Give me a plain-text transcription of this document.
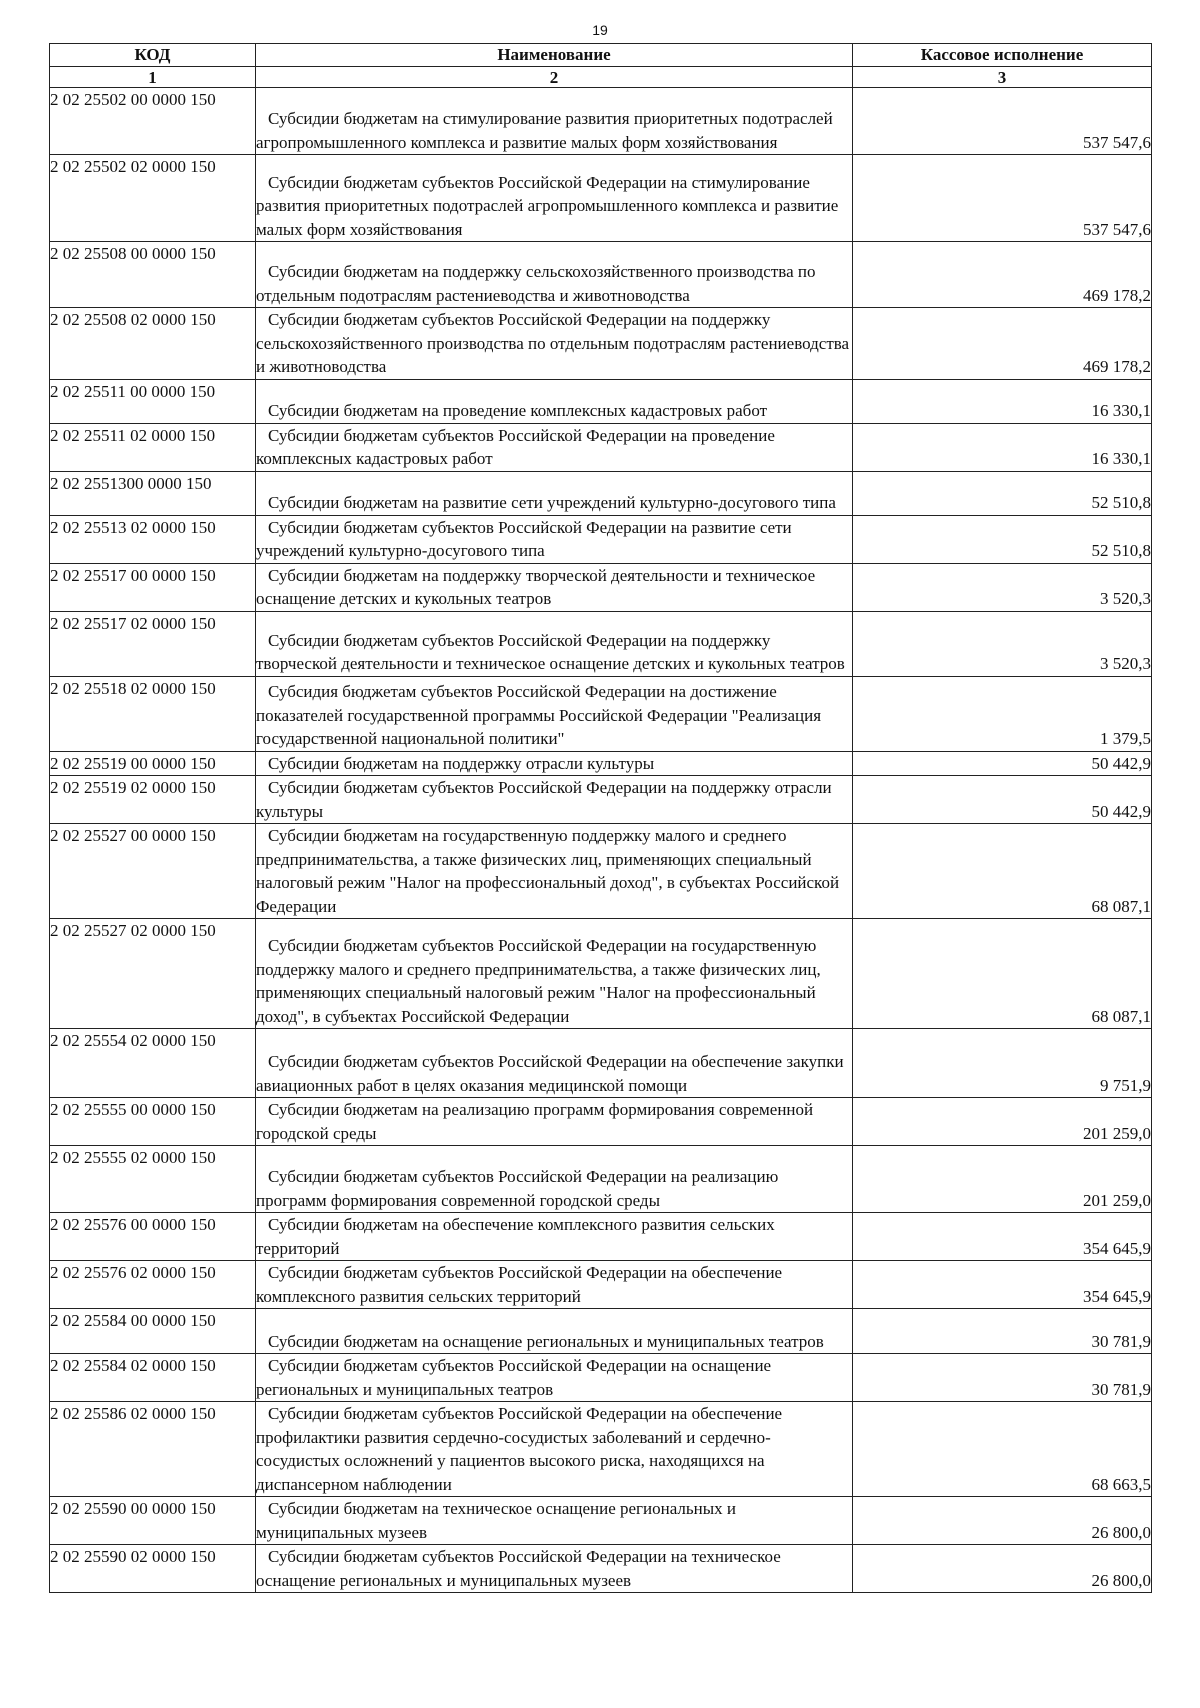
19
КОД	Наименование	Кассовое исполнение
1	2	3
2 02 25502 00 0000 150	Субсидии бюджетам на стимулирование развития приоритетных подотраслей агропромышленного комплекса и развитие малых форм хозяйствования	537 547,6
2 02 25502 02 0000 150	Субсидии бюджетам субъектов Российской Федерации на стимулирование развития приоритетных подотраслей агропромышленного комплекса и развитие малых форм хозяйствования	537 547,6
2 02 25508 00 0000 150	Субсидии бюджетам на поддержку сельскохозяйственного производства по отдельным подотраслям растениеводства и животноводства	469 178,2
2 02 25508 02 0000 150	Субсидии бюджетам субъектов Российской Федерации на поддержку сельскохозяйственного производства по отдельным подотраслям растениеводства и животноводства	469 178,2
2 02 25511 00 0000 150	Субсидии бюджетам на проведение комплексных кадастровых работ	16 330,1
2 02 25511 02 0000 150	Субсидии бюджетам субъектов Российской Федерации на проведение комплексных кадастровых работ	16 330,1
2 02 2551300 0000 150	Субсидии бюджетам на развитие сети учреждений культурно-досугового типа	52 510,8
2 02 25513 02 0000 150	Субсидии бюджетам субъектов Российской Федерации на развитие сети учреждений культурно-досугового типа	52 510,8
2 02 25517 00 0000 150	Субсидии бюджетам на поддержку творческой деятельности и техническое оснащение детских и кукольных театров	3 520,3
2 02 25517 02 0000 150	Субсидии бюджетам субъектов Российской Федерации на поддержку творческой деятельности и техническое оснащение детских и кукольных театров	3 520,3
2 02 25518 02 0000 150	Субсидия бюджетам субъектов Российской Федерации на достижение показателей государственной программы Российской Федерации "Реализация государственной национальной политики"	1 379,5
2 02 25519 00 0000 150	Субсидии бюджетам на поддержку отрасли культуры	50 442,9
2 02 25519 02 0000 150	Субсидии бюджетам субъектов Российской Федерации на поддержку отрасли культуры	50 442,9
2 02 25527 00 0000 150	Субсидии бюджетам на государственную поддержку малого и среднего предпринимательства, а также физических лиц, применяющих специальный налоговый режим "Налог на профессиональный доход", в субъектах Российской Федерации	68 087,1
2 02 25527 02 0000 150	Субсидии бюджетам субъектов Российской Федерации на государственную поддержку малого и среднего предпринимательства, а также физических лиц, применяющих специальный налоговый режим "Налог на профессиональный доход", в субъектах Российской Федерации	68 087,1
2 02 25554 02 0000 150	Субсидии бюджетам субъектов Российской Федерации на обеспечение закупки авиационных работ в целях оказания медицинской помощи	9 751,9
2 02 25555 00 0000 150	Субсидии бюджетам на реализацию программ формирования современной городской среды	201 259,0
2 02 25555 02 0000 150	Субсидии бюджетам субъектов Российской Федерации на реализацию программ формирования современной городской среды	201 259,0
2 02 25576 00 0000 150	Субсидии бюджетам на обеспечение комплексного развития сельских территорий	354 645,9
2 02 25576 02 0000 150	Субсидии бюджетам субъектов Российской Федерации на обеспечение комплексного развития сельских территорий	354 645,9
2 02 25584 00 0000 150	Субсидии бюджетам на оснащение региональных и муниципальных театров	30 781,9
2 02 25584 02 0000 150	Субсидии бюджетам субъектов Российской Федерации на оснащение региональных и муниципальных театров	30 781,9
2 02 25586 02 0000 150	Субсидии бюджетам субъектов Российской Федерации на обеспечение профилактики развития сердечно-сосудистых заболеваний и сердечно-сосудистых осложнений у пациентов высокого риска, находящихся на диспансерном наблюдении	68 663,5
2 02 25590 00 0000 150	Субсидии бюджетам на техническое оснащение региональных и муниципальных музеев	26 800,0
2 02 25590 02 0000 150	Субсидии бюджетам субъектов Российской Федерации на техническое оснащение региональных и муниципальных музеев	26 800,0
